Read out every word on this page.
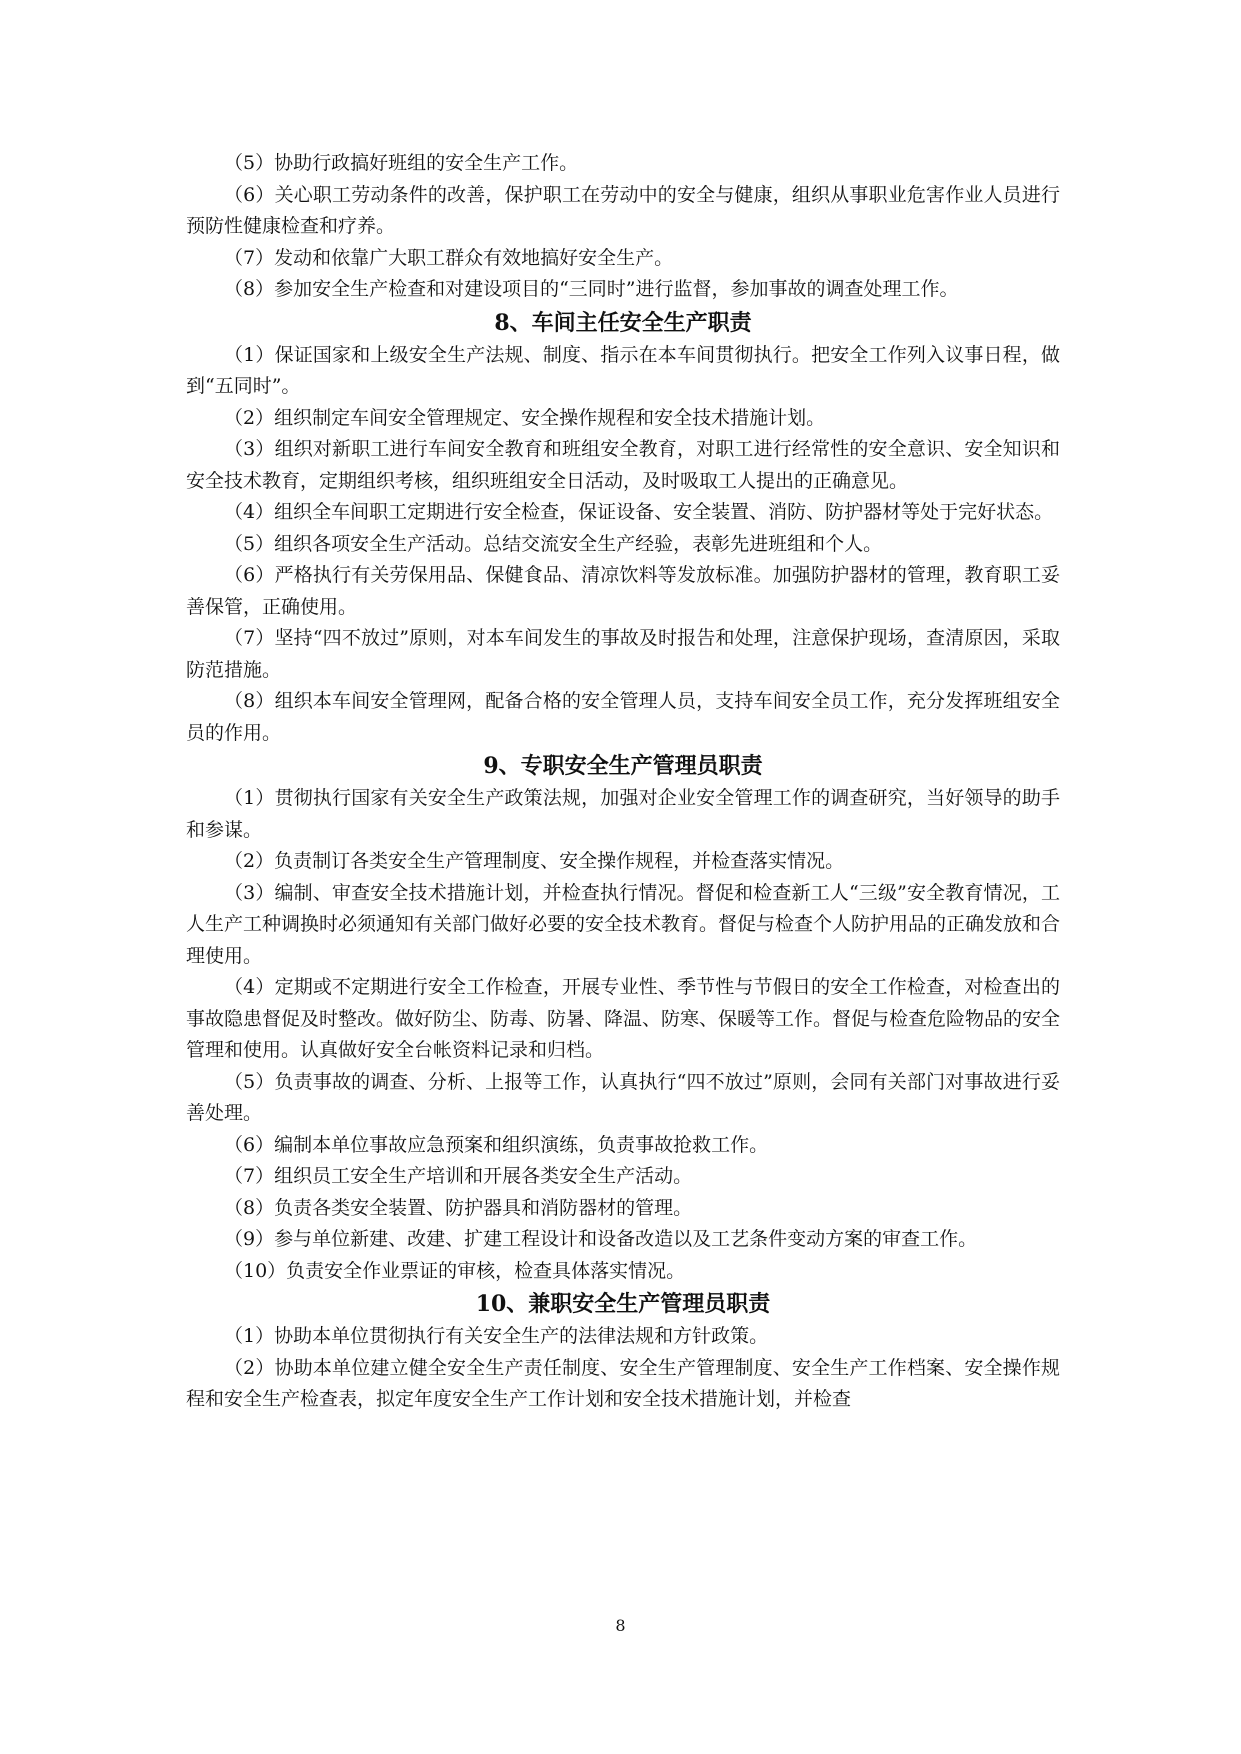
（5）协助行政搞好班组的安全生产工作。

（6）关心职工劳动条件的改善，保护职工在劳动中的安全与健康，组织从事职业危害作业人员进行预防性健康检查和疗养。

（7）发动和依靠广大职工群众有效地搞好安全生产。

（8）参加安全生产检查和对建设项目的“三同时”进行监督，参加事故的调查处理工作。

8、车间主任安全生产职责

（1）保证国家和上级安全生产法规、制度、指示在本车间贯彻执行。把安全工作列入议事日程，做到“五同时”。

（2）组织制定车间安全管理规定、安全操作规程和安全技术措施计划。

（3）组织对新职工进行车间安全教育和班组安全教育，对职工进行经常性的安全意识、安全知识和安全技术教育，定期组织考核，组织班组安全日活动，及时吸取工人提出的正确意见。

（4）组织全车间职工定期进行安全检查，保证设备、安全装置、消防、防护器材等处于完好状态。

（5）组织各项安全生产活动。总结交流安全生产经验，表彰先进班组和个人。

（6）严格执行有关劳保用品、保健食品、清凉饮料等发放标准。加强防护器材的管理，教育职工妥善保管，正确使用。

（7）坚持“四不放过”原则，对本车间发生的事故及时报告和处理，注意保护现场，查清原因，采取防范措施。

（8）组织本车间安全管理网，配备合格的安全管理人员，支持车间安全员工作，充分发挥班组安全员的作用。

9、专职安全生产管理员职责

（1）贯彻执行国家有关安全生产政策法规，加强对企业安全管理工作的调查研究，当好领导的助手和参谋。

（2）负责制订各类安全生产管理制度、安全操作规程，并检查落实情况。

（3）编制、审查安全技术措施计划，并检查执行情况。督促和检查新工人“三级”安全教育情况，工人生产工种调换时必须通知有关部门做好必要的安全技术教育。督促与检查个人防护用品的正确发放和合理使用。

（4）定期或不定期进行安全工作检查，开展专业性、季节性与节假日的安全工作检查，对检查出的事故隐患督促及时整改。做好防尘、防毒、防暑、降温、防寒、保暖等工作。督促与检查危险物品的安全管理和使用。认真做好安全台帐资料记录和归档。

（5）负责事故的调查、分析、上报等工作，认真执行“四不放过”原则，会同有关部门对事故进行妥善处理。

（6）编制本单位事故应急预案和组织演练，负责事故抢救工作。

（7）组织员工安全生产培训和开展各类安全生产活动。

（8）负责各类安全装置、防护器具和消防器材的管理。

（9）参与单位新建、改建、扩建工程设计和设备改造以及工艺条件变动方案的审查工作。

（10）负责安全作业票证的审核，检查具体落实情况。

10、兼职安全生产管理员职责

（1）协助本单位贯彻执行有关安全生产的法律法规和方针政策。

（2）协助本单位建立健全安全生产责任制度、安全生产管理制度、安全生产工作档案、安全操作规程和安全生产检查表，拟定年度安全生产工作计划和安全技术措施计划，并检查

8
